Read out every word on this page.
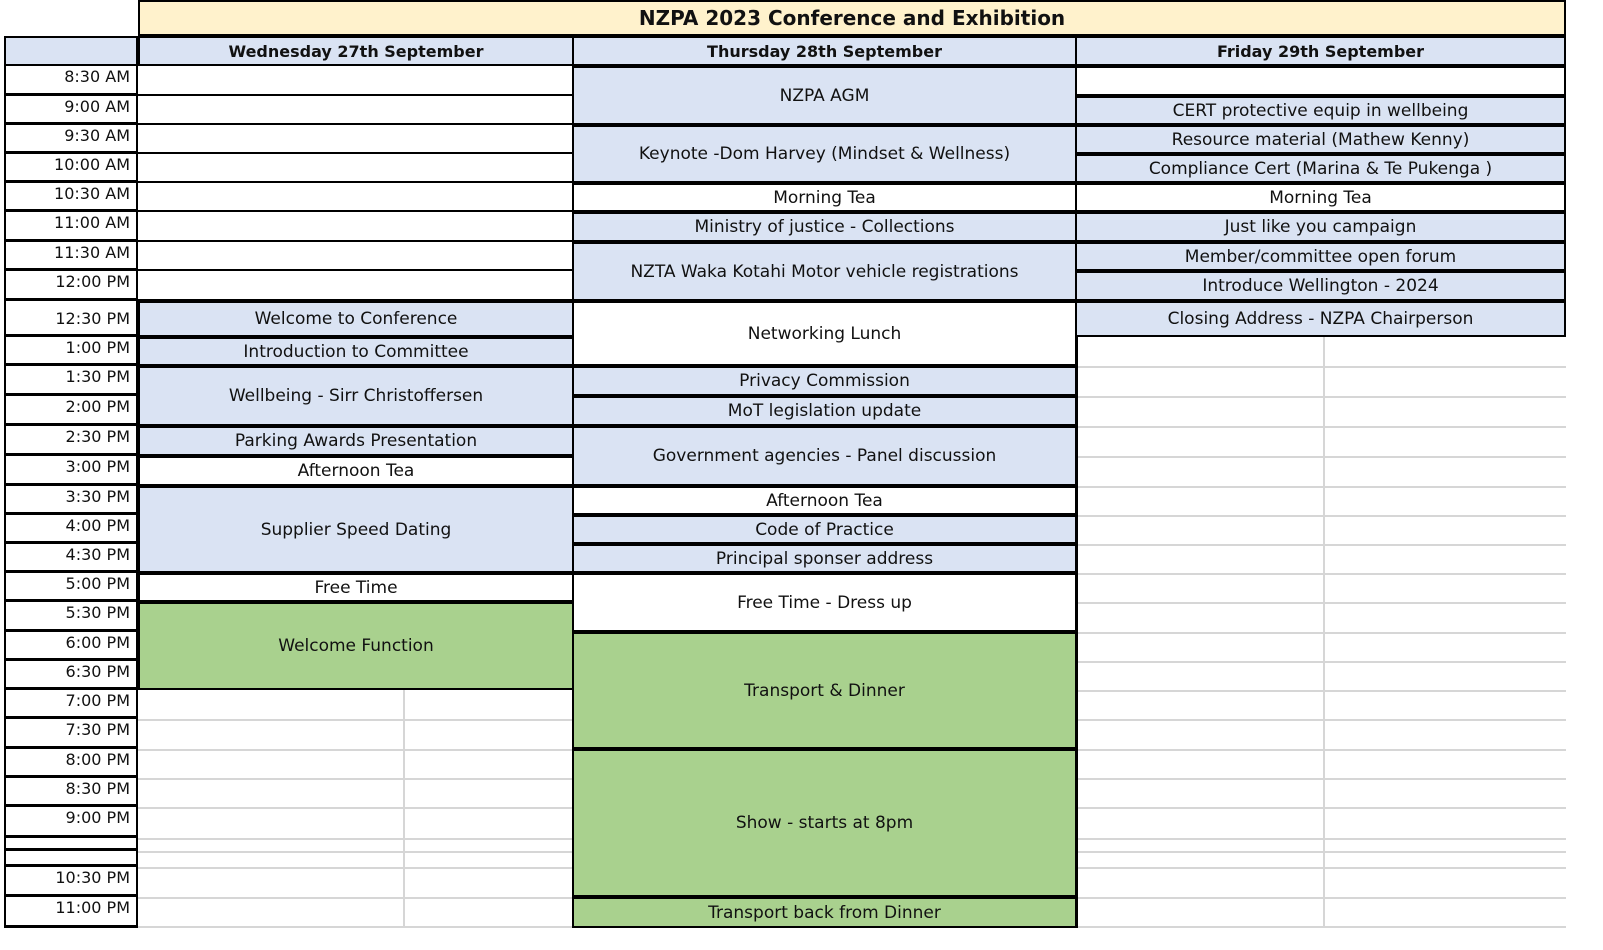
NZPA 2023 Conference and Exhibition
Wednesday 27th September	Thursday 28th September	Friday 29th September
8:30 AM
9:00 AM
9:30 AM
10:00 AM
10:30 AM
11:00 AM
11:30 AM
12:00 PM
12:30 PM
1:00 PM
1:30 PM
2:00 PM
2:30 PM
3:00 PM
3:30 PM
4:00 PM
4:30 PM
5:00 PM
5:30 PM
6:00 PM
6:30 PM
7:00 PM
7:30 PM
8:00 PM
8:30 PM
9:00 PM
10:30 PM
11:00 PM
Welcome to Conference
Introduction to Committee
Wellbeing - Sirr Christoffersen
Parking Awards Presentation
Afternoon Tea
Supplier Speed Dating
Free Time
Welcome Function
NZPA AGM
Keynote -Dom Harvey (Mindset & Wellness)
Morning Tea
Ministry of justice - Collections
NZTA Waka Kotahi Motor vehicle registrations
Networking Lunch
Privacy Commission
MoT legislation update
Government agencies - Panel discussion
Afternoon Tea
Code of Practice
Principal sponser address
Free Time - Dress up
Transport & Dinner
Show - starts at 8pm
Transport back from Dinner
CERT protective equip in wellbeing
Resource material (Mathew Kenny)
Compliance Cert (Marina & Te Pukenga )
Morning Tea
Just like you campaign
Member/committee open forum
Introduce Wellington - 2024
Closing Address - NZPA Chairperson
